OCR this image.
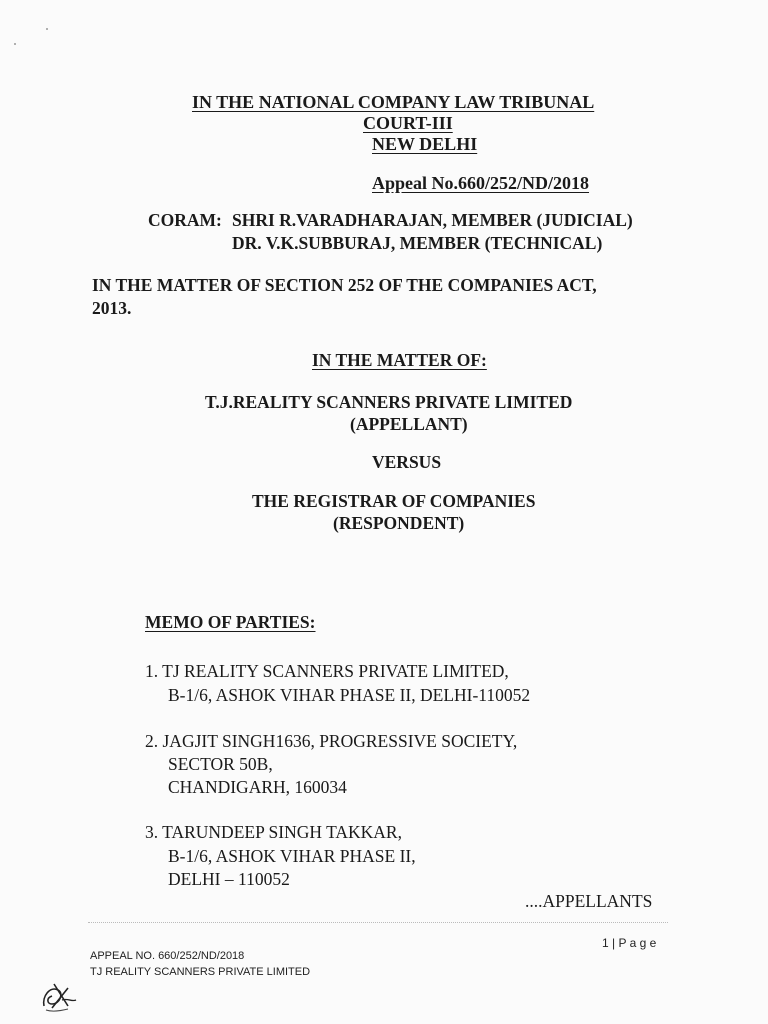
IN THE NATIONAL COMPANY LAW TRIBUNAL
COURT-III
NEW DELHI
Appeal No.660/252/ND/2018
CORAM: SHRI R.VARADHARAJAN, MEMBER (JUDICIAL)
DR. V.K.SUBBURAJ, MEMBER (TECHNICAL)
IN THE MATTER OF SECTION 252 OF THE COMPANIES ACT,
2013.
IN THE MATTER OF:
T.J.REALITY SCANNERS PRIVATE LIMITED
(APPELLANT)
VERSUS
THE REGISTRAR OF COMPANIES
(RESPONDENT)
MEMO OF PARTIES:
1. TJ REALITY SCANNERS PRIVATE LIMITED,
B-1/6, ASHOK VIHAR PHASE II, DELHI-110052
2. JAGJIT SINGH1636, PROGRESSIVE SOCIETY,
SECTOR 50B,
CHANDIGARH, 160034
3. TARUNDEEP SINGH TAKKAR,
B-1/6, ASHOK VIHAR PHASE II,
DELHI – 110052
....APPELLANTS
1 | P a g e
APPEAL NO. 660/252/ND/2018
TJ REALITY SCANNERS PRIVATE LIMITED
